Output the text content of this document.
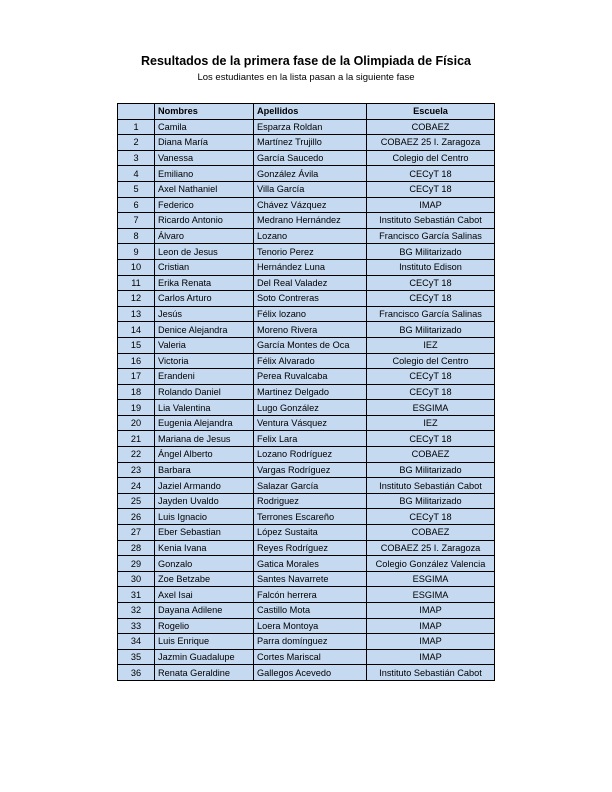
Resultados de la primera fase de la Olimpiada de Física
Los estudiantes en la lista pasan a la siguiente fase
	Nombres	Apellidos	Escuela
1	Camila	Esparza Roldan	COBAEZ
2	Diana María	Martínez Trujillo	COBAEZ 25 I. Zaragoza
3	Vanessa	García Saucedo	Colegio del Centro
4	Emiliano	González Ávila	CECyT 18
5	Axel Nathaniel	Villa García	CECyT 18
6	Federico	Chávez Vázquez	IMAP
7	Ricardo Antonio	Medrano Hernández	Instituto Sebastián Cabot
8	Álvaro	Lozano	Francisco García Salinas
9	Leon de Jesus	Tenorio Perez	BG Militarizado
10	Cristian	Hernández Luna	Instituto Edison
11	Erika Renata	Del Real Valadez	CECyT 18
12	Carlos Arturo	Soto Contreras	CECyT 18
13	Jesús	Félix lozano	Francisco García Salinas
14	Denice Alejandra	Moreno Rivera	BG Militarizado
15	Valeria	García Montes de Oca	IEZ
16	Victoria	Félix Alvarado	Colegio del Centro
17	Erandeni	Perea Ruvalcaba	CECyT 18
18	Rolando Daniel	Martinez Delgado	CECyT 18
19	Lia Valentina	Lugo González	ESGIMA
20	Eugenia Alejandra	Ventura Vásquez	IEZ
21	Mariana de Jesus	Felix Lara	CECyT 18
22	Ángel Alberto	Lozano Rodríguez	COBAEZ
23	Barbara	Vargas Rodríguez	BG Militarizado
24	Jaziel Armando	Salazar García	Instituto Sebastián Cabot
25	Jayden Uvaldo	Rodriguez	BG Militarizado
26	Luis Ignacio	Terrones Escareño	CECyT 18
27	Eber Sebastian	López Sustaita	COBAEZ
28	Kenia Ivana	Reyes Rodríguez	COBAEZ 25 I. Zaragoza
29	Gonzalo	Gatica Morales	Colegio González Valencia
30	Zoe Betzabe	Santes Navarrete	ESGIMA
31	Axel Isai	Falcón herrera	ESGIMA
32	Dayana Adilene	Castillo Mota	IMAP
33	Rogelio	Loera Montoya	IMAP
34	Luis Enrique	Parra domínguez	IMAP
35	Jazmin Guadalupe	Cortes Mariscal	IMAP
36	Renata Geraldine	Gallegos Acevedo	Instituto Sebastián Cabot
